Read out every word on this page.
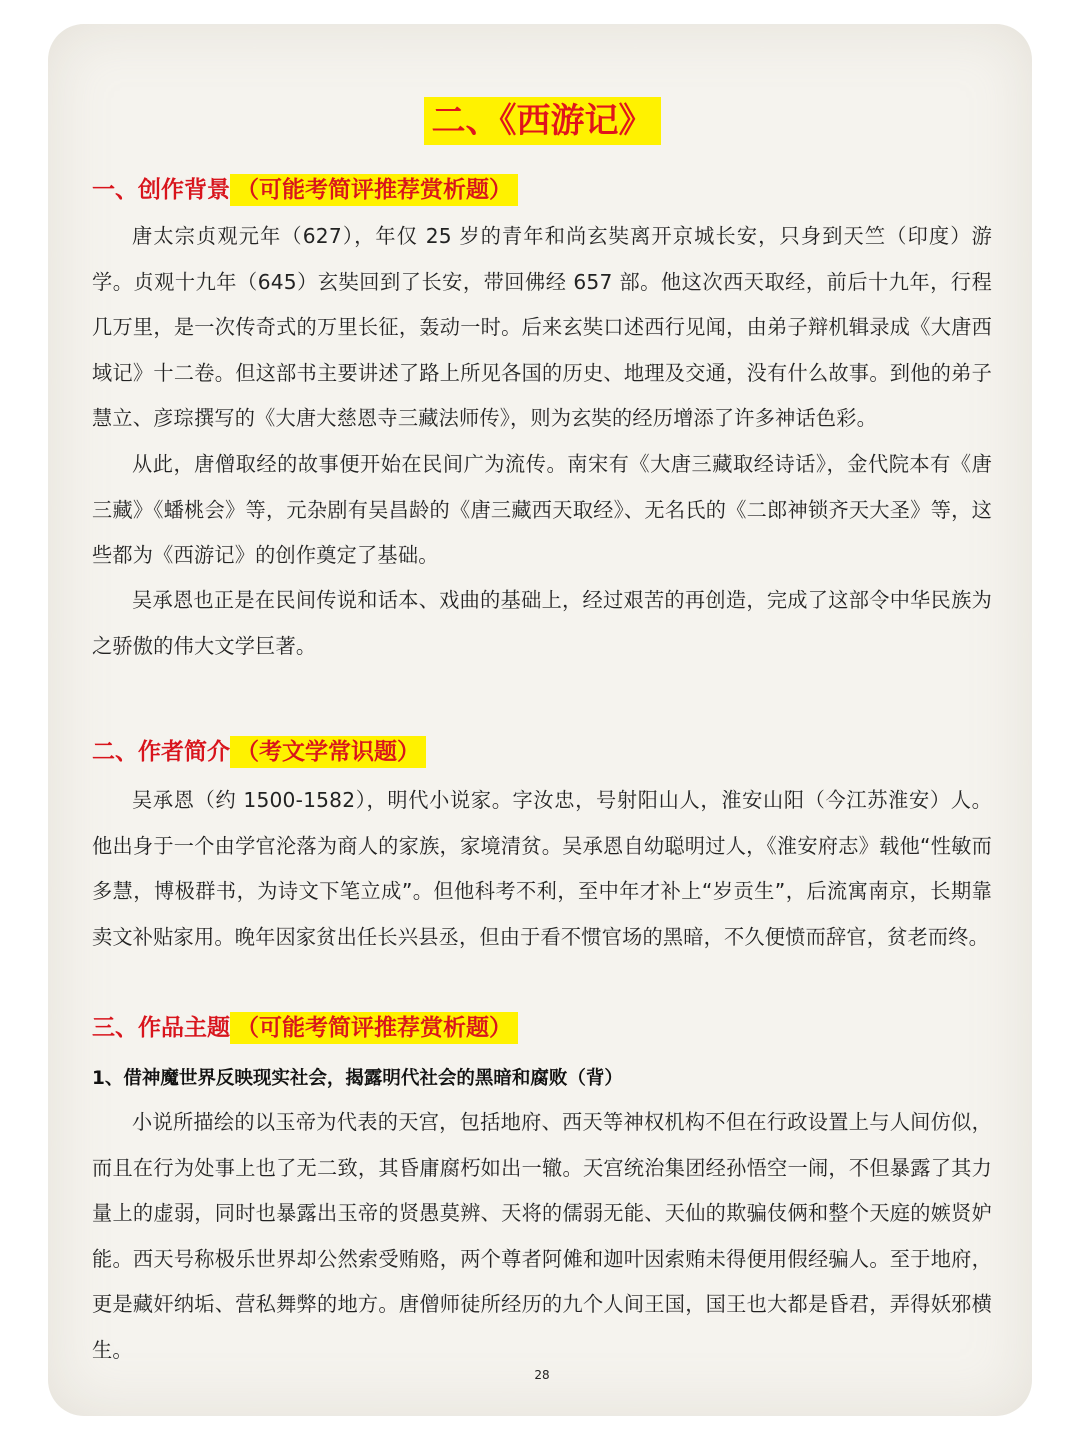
二、《西游记》
一、创作背景 （可能考简评推荐赏析题）

唐太宗贞观元年（627），年仅 25 岁的青年和尚玄奘离开京城长安，只身到天竺（印度）游学。贞观十九年（645）玄奘回到了长安，带回佛经 657 部。他这次西天取经，前后十九年，行程几万里，是一次传奇式的万里长征，轰动一时。后来玄奘口述西行见闻，由弟子辩机辑录成《大唐西域记》十二卷。但这部书主要讲述了路上所见各国的历史、地理及交通，没有什么故事。到他的弟子慧立、彦琮撰写的《大唐大慈恩寺三藏法师传》，则为玄奘的经历增添了许多神话色彩。

从此，唐僧取经的故事便开始在民间广为流传。南宋有《大唐三藏取经诗话》，金代院本有《唐三藏》《蟠桃会》等，元杂剧有吴昌龄的《唐三藏西天取经》、无名氏的《二郎神锁齐天大圣》等，这些都为《西游记》的创作奠定了基础。

吴承恩也正是在民间传说和话本、戏曲的基础上，经过艰苦的再创造，完成了这部令中华民族为之骄傲的伟大文学巨著。

二、作者简介 （考文学常识题）

吴承恩（约 1500-1582），明代小说家。字汝忠，号射阳山人，淮安山阳（今江苏淮安）人。他出身于一个由学官沦落为商人的家族，家境清贫。吴承恩自幼聪明过人，《淮安府志》载他“性敏而多慧，博极群书，为诗文下笔立成”。但他科考不利，至中年才补上“岁贡生”，后流寓南京，长期靠卖文补贴家用。晚年因家贫出任长兴县丞，但由于看不惯官场的黑暗，不久便愤而辞官，贫老而终。

三、作品主题 （可能考简评推荐赏析题）
1、借神魔世界反映现实社会，揭露明代社会的黑暗和腐败（背）

小说所描绘的以玉帝为代表的天宫，包括地府、西天等神权机构不但在行政设置上与人间仿似，而且在行为处事上也了无二致，其昏庸腐朽如出一辙。天宫统治集团经孙悟空一闹，不但暴露了其力量上的虚弱，同时也暴露出玉帝的贤愚莫辨、天将的儒弱无能、天仙的欺骗伎俩和整个天庭的嫉贤妒能。西天号称极乐世界却公然索受贿赂，两个尊者阿傩和迦叶因索贿未得便用假经骗人。至于地府，更是藏奸纳垢、营私舞弊的地方。唐僧师徒所经历的九个人间王国，国王也大都是昏君，弄得妖邪横生。

28
